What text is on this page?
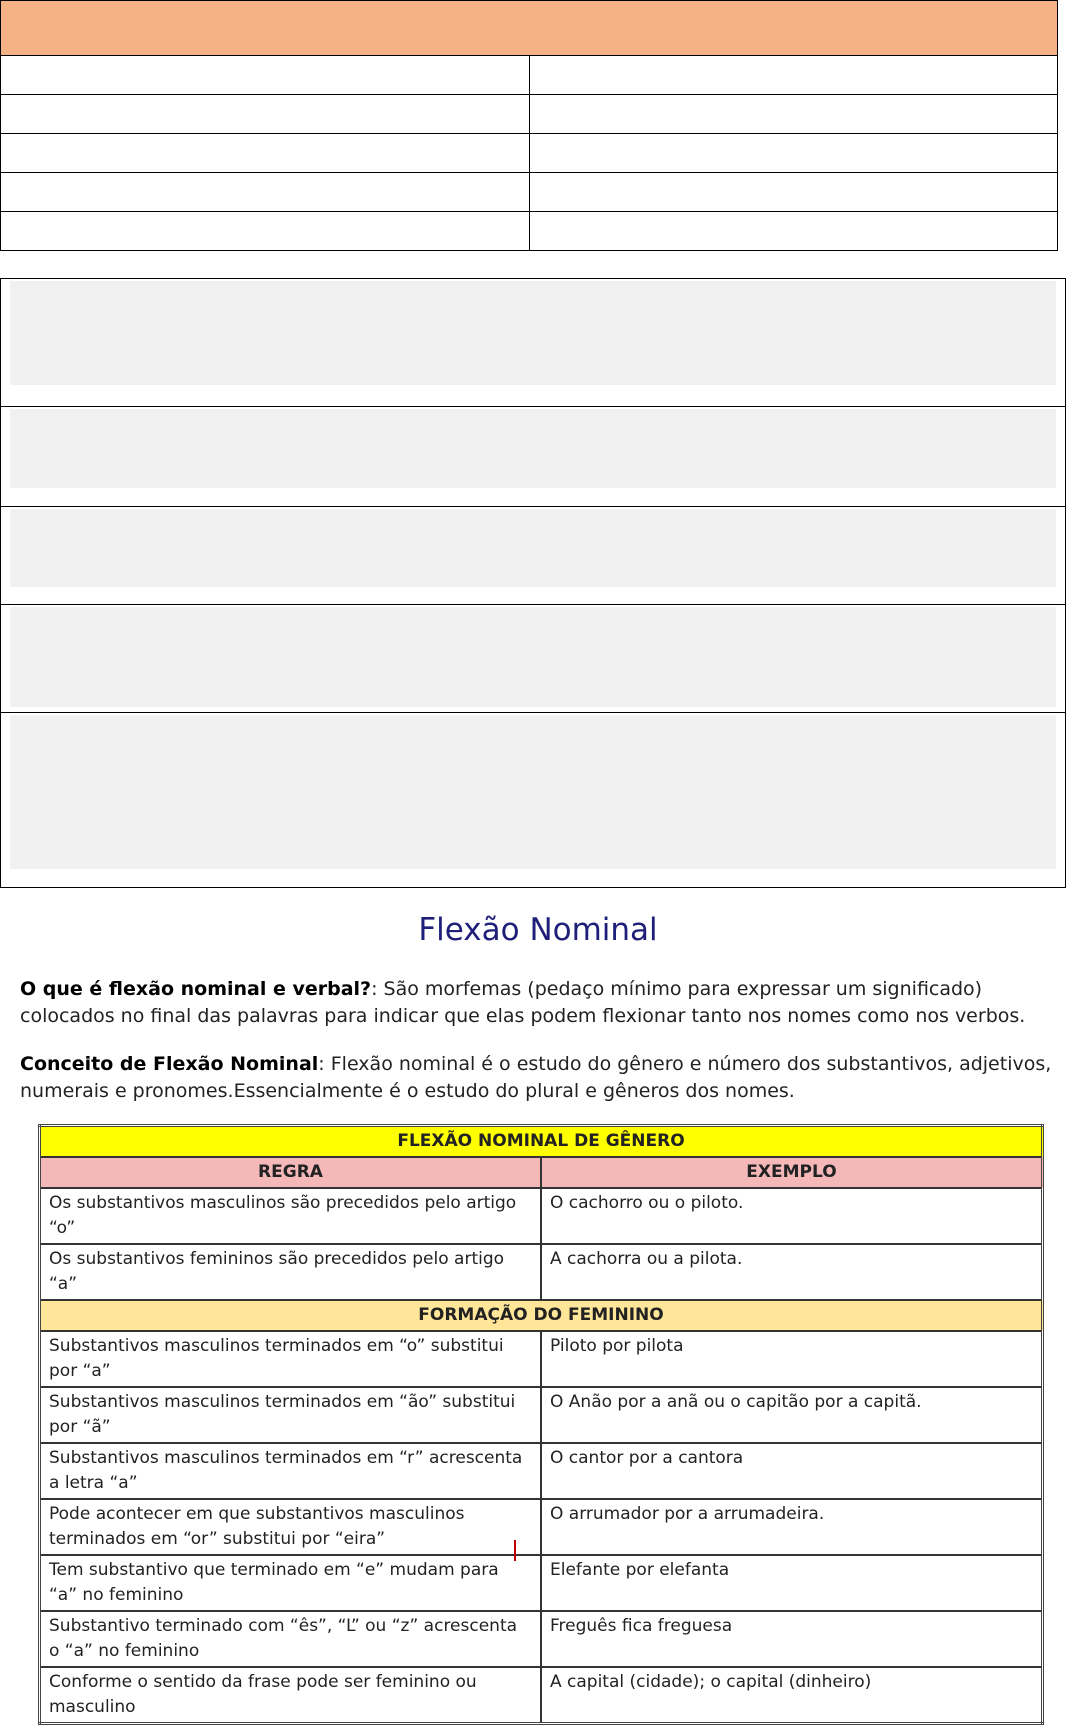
Flexão Nominal
O que é flexão nominal e verbal?: São morfemas (pedaço mínimo para expressar um significado) colocados no final das palavras para indicar que elas podem flexionar tanto nos nomes como nos verbos.
Conceito de Flexão Nominal: Flexão nominal é o estudo do gênero e número dos substantivos, adjetivos, numerais e pronomes.Essencialmente é o estudo do plural e gêneros dos nomes.
FLEXÃO NOMINAL DE GÊNERO	
REGRA	EXEMPLO
Os substantivos masculinos são precedidos pelo artigo “o”	O cachorro ou o piloto.
Os substantivos femininos são precedidos pelo artigo “a”	A cachorra ou a pilota.
FORMAÇÃO DO FEMININO	
Substantivos masculinos terminados em “o” substitui por “a”	Piloto por pilota
Substantivos masculinos terminados em “ão” substitui por “ã”	O Anão por a anã ou o capitão por a capitã.
Substantivos masculinos terminados em “r” acrescenta a letra “a”	O cantor por a cantora
Pode acontecer em que substantivos masculinos terminados em “or” substitui por “eira”	O arrumador por a arrumadeira.
Tem substantivo que terminado em “e” mudam para “a” no feminino	Elefante por elefanta
Substantivo terminado com “ês”, “L” ou “z” acrescenta o “a” no feminino	Freguês fica freguesa
Conforme o sentido da frase pode ser feminino ou masculino	A capital (cidade); o capital (dinheiro)
